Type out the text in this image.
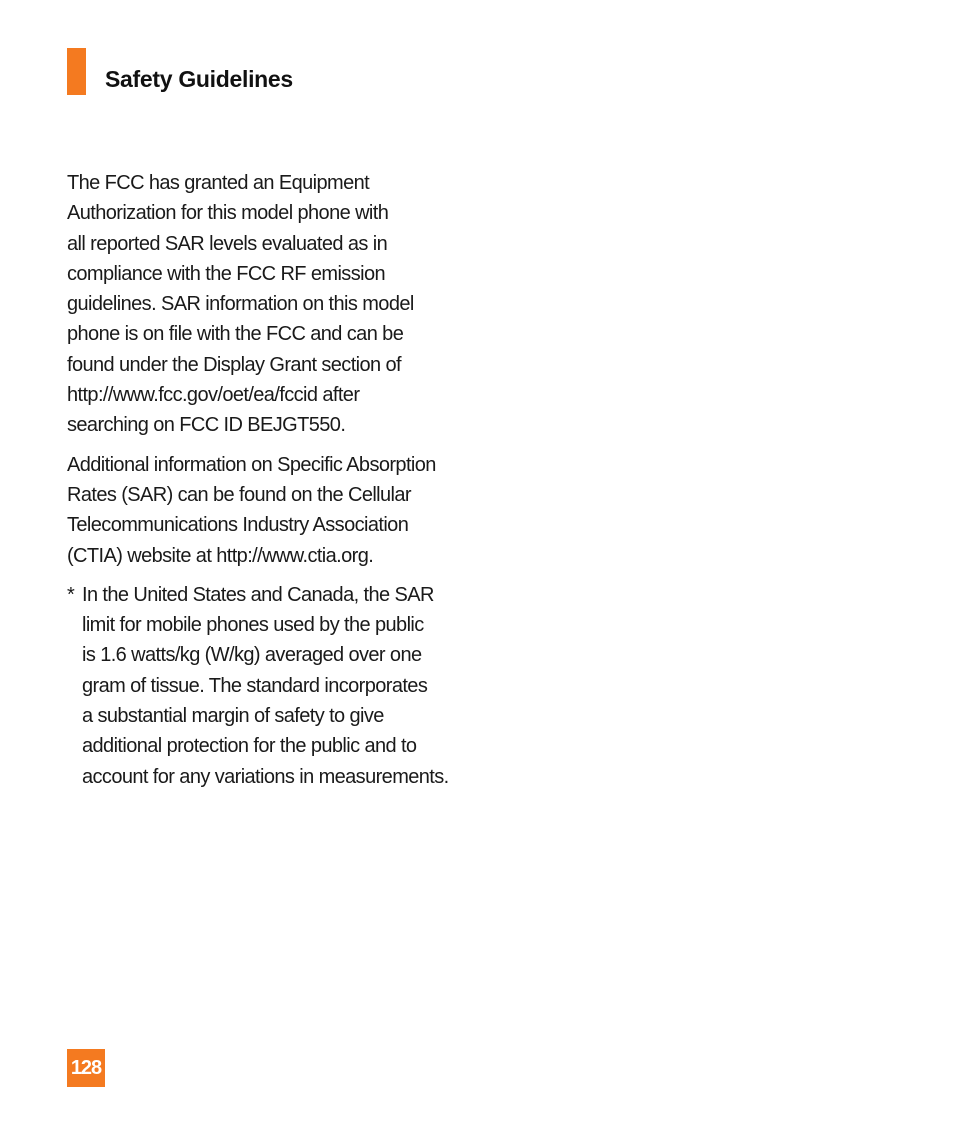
Safety Guidelines

The FCC has granted an Equipment
Authorization for this model phone with
all reported SAR levels evaluated as in
compliance with the FCC RF emission
guidelines. SAR information on this model
phone is on file with the FCC and can be
found under the Display Grant section of
http://www.fcc.gov/oet/ea/fccid after
searching on FCC ID BEJGT550.

Additional information on Specific Absorption
Rates (SAR) can be found on the Cellular
Telecommunications Industry Association
(CTIA) website at http://www.ctia.org.

* In the United States and Canada, the SAR
limit for mobile phones used by the public
is 1.6 watts/kg (W/kg) averaged over one
gram of tissue. The standard incorporates
a substantial margin of safety to give
additional protection for the public and to
account for any variations in measurements.

128
